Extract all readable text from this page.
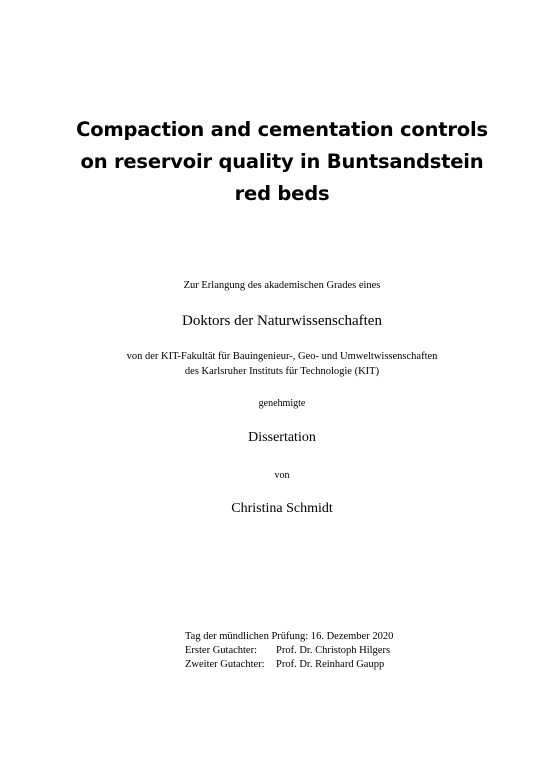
Compaction and cementation controls
on reservoir quality in Buntsandstein
red beds
Zur Erlangung des akademischen Grades eines
Doktors der Naturwissenschaften
von der KIT-Fakultät für Bauingenieur-, Geo- und Umweltwissenschaften
des Karlsruher Instituts für Technologie (KIT)
genehmigte
Dissertation
von
Christina Schmidt
Tag der mündlichen Prüfung: 16. Dezember 2020
Erster Gutachter: Prof. Dr. Christoph Hilgers
Zweiter Gutachter: Prof. Dr. Reinhard Gaupp
